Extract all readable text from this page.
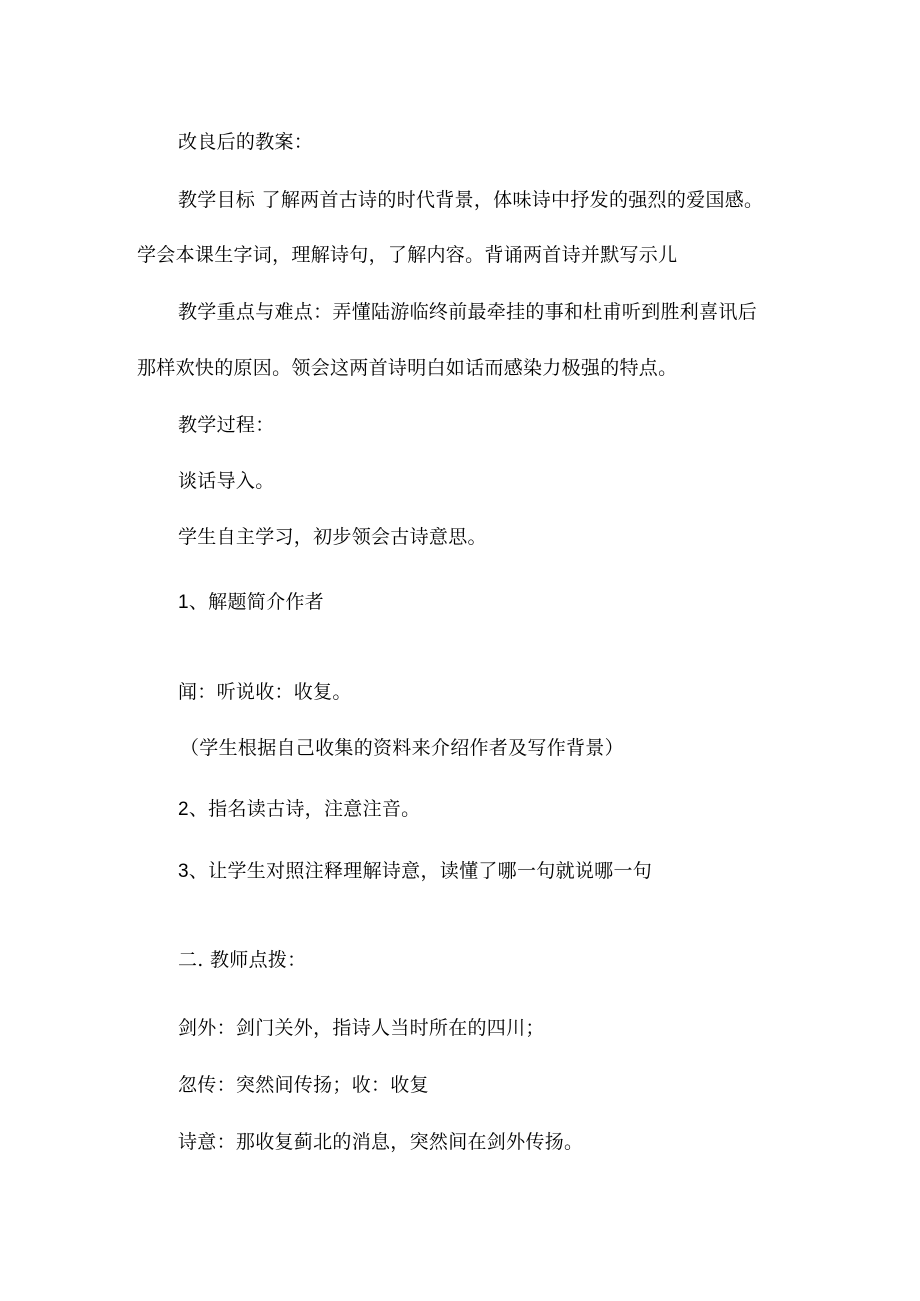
改良后的教案：
教学目标 了解两首古诗的时代背景，体味诗中抒发的强烈的爱国感。
学会本课生字词，理解诗句，了解内容。背诵两首诗并默写示儿
教学重点与难点：弄懂陆游临终前最牵挂的事和杜甫听到胜利喜讯后
那样欢快的原因。领会这两首诗明白如话而感染力极强的特点。
教学过程：
谈话导入。
学生自主学习，初步领会古诗意思。
1、解题简介作者
闻：听说收：收复。
（学生根据自己收集的资料来介绍作者及写作背景）
2、指名读古诗，注意注音。
3、让学生对照注释理解诗意，读懂了哪一句就说哪一句
二. 教师点拨：
剑外：剑门关外，指诗人当时所在的四川；
忽传：突然间传扬；收：收复
诗意：那收复蓟北的消息，突然间在剑外传扬。
